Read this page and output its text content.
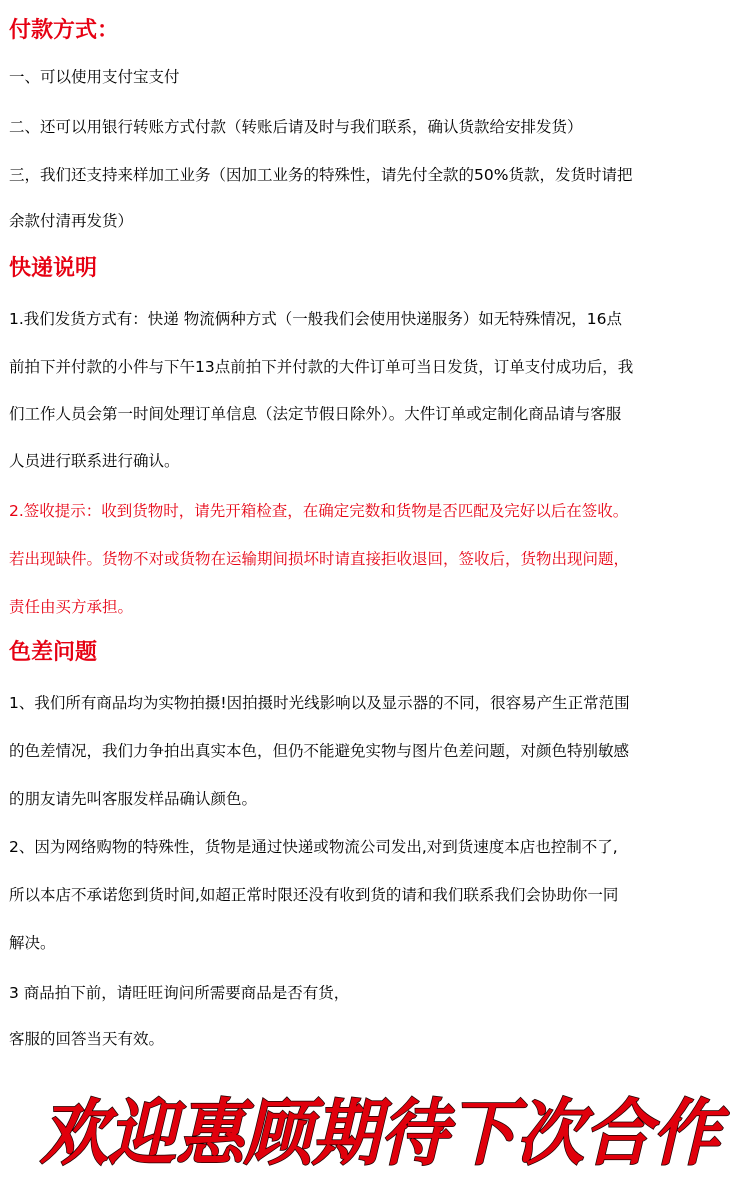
付款方式：
一、可以使用支付宝支付
二、还可以用银行转账方式付款（转账后请及时与我们联系，确认货款给安排发货）
三，我们还支持来样加工业务（因加工业务的特殊性，请先付全款的50%货款，发货时请把
余款付清再发货）
快递说明
1.我们发货方式有：快递 物流俩种方式（一般我们会使用快递服务）如无特殊情况，16点
前拍下并付款的小件与下午13点前拍下并付款的大件订单可当日发货，订单支付成功后，我
们工作人员会第一时间处理订单信息（法定节假日除外）。大件订单或定制化商品请与客服
人员进行联系进行确认。
2.签收提示：收到货物时，请先开箱检查，在确定完数和货物是否匹配及完好以后在签收。
若出现缺件。货物不对或货物在运输期间损坏时请直接拒收退回，签收后，货物出现问题，
责任由买方承担。
色差问题
1、我们所有商品均为实物拍摄!因拍摄时光线影响以及显示器的不同，很容易产生正常范围
的色差情况，我们力争拍出真实本色，但仍不能避免实物与图片色差问题，对颜色特别敏感
的朋友请先叫客服发样品确认颜色。
2、因为网络购物的特殊性，货物是通过快递或物流公司发出,对到货速度本店也控制不了,
所以本店不承诺您到货时间,如超正常时限还没有收到货的请和我们联系我们会协助你一同
解决。
3 商品拍下前，请旺旺询问所需要商品是否有货，
客服的回答当天有效。
欢迎惠顾期待下次合作
